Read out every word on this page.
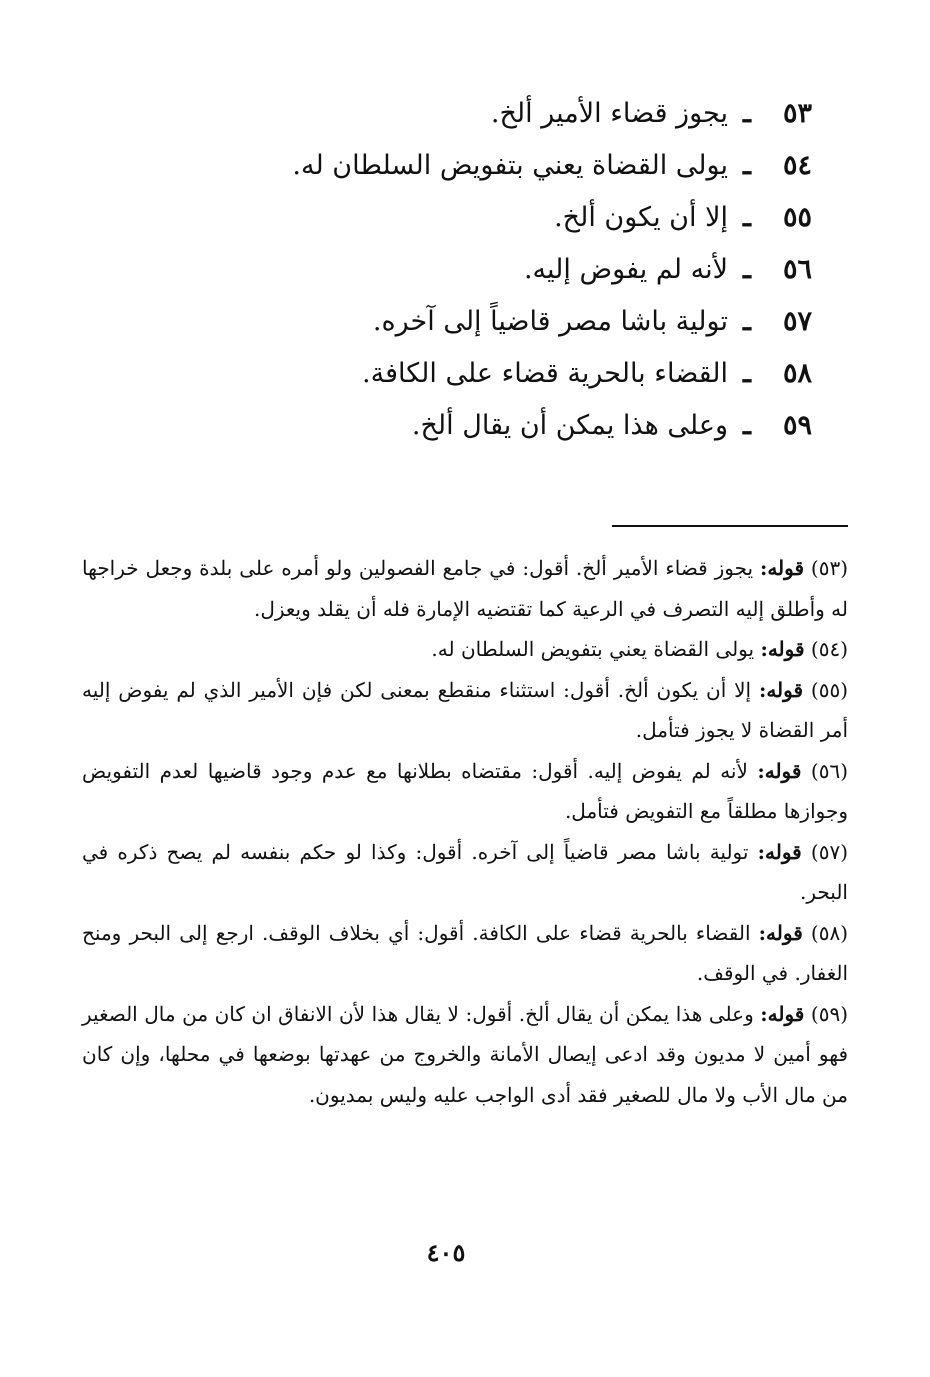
٥٣
ـ
يجوز قضاء الأمير ألخ.
٥٤
ـ
يولى القضاة يعني بتفويض السلطان له.
٥٥
ـ
إلا أن يكون ألخ.
٥٦
ـ
لأنه لم يفوض إليه.
٥٧
ـ
تولية باشا مصر قاضياً إلى آخره.
٥٨
ـ
القضاء بالحرية قضاء على الكافة.
٥٩
ـ
وعلى هذا يمكن أن يقال ألخ.

(٥٣) قوله: يجوز قضاء الأمير ألخ. أقول: في جامع الفصولين ولو أمره على بلدة وجعل خراجها له وأطلق إليه التصرف في الرعية كما تقتضيه الإمارة فله أن يقلد ويعزل.

(٥٤) قوله: يولى القضاة يعني بتفويض السلطان له.

(٥٥) قوله: إلا أن يكون ألخ. أقول: استثناء منقطع بمعنى لكن فإن الأمير الذي لم يفوض إليه أمر القضاة لا يجوز فتأمل.

(٥٦) قوله: لأنه لم يفوض إليه. أقول: مقتضاه بطلانها مع عدم وجود قاضيها لعدم التفويض وجوازها مطلقاً مع التفويض فتأمل.

(٥٧) قوله: تولية باشا مصر قاضياً إلى آخره. أقول: وكذا لو حكم بنفسه لم يصح ذكره في البحر.

(٥٨) قوله: القضاء بالحرية قضاء على الكافة. أقول: أي بخلاف الوقف. ارجع إلى البحر ومنح الغفار. في الوقف.

(٥٩) قوله: وعلى هذا يمكن أن يقال ألخ. أقول: لا يقال هذا لأن الانفاق ان كان من مال الصغير فهو أمين لا مديون وقد ادعى إيصال الأمانة والخروج من عهدتها بوضعها في محلها، وإن كان من مال الأب ولا مال للصغير فقد أدى الواجب عليه وليس بمديون.

٤٠٥
